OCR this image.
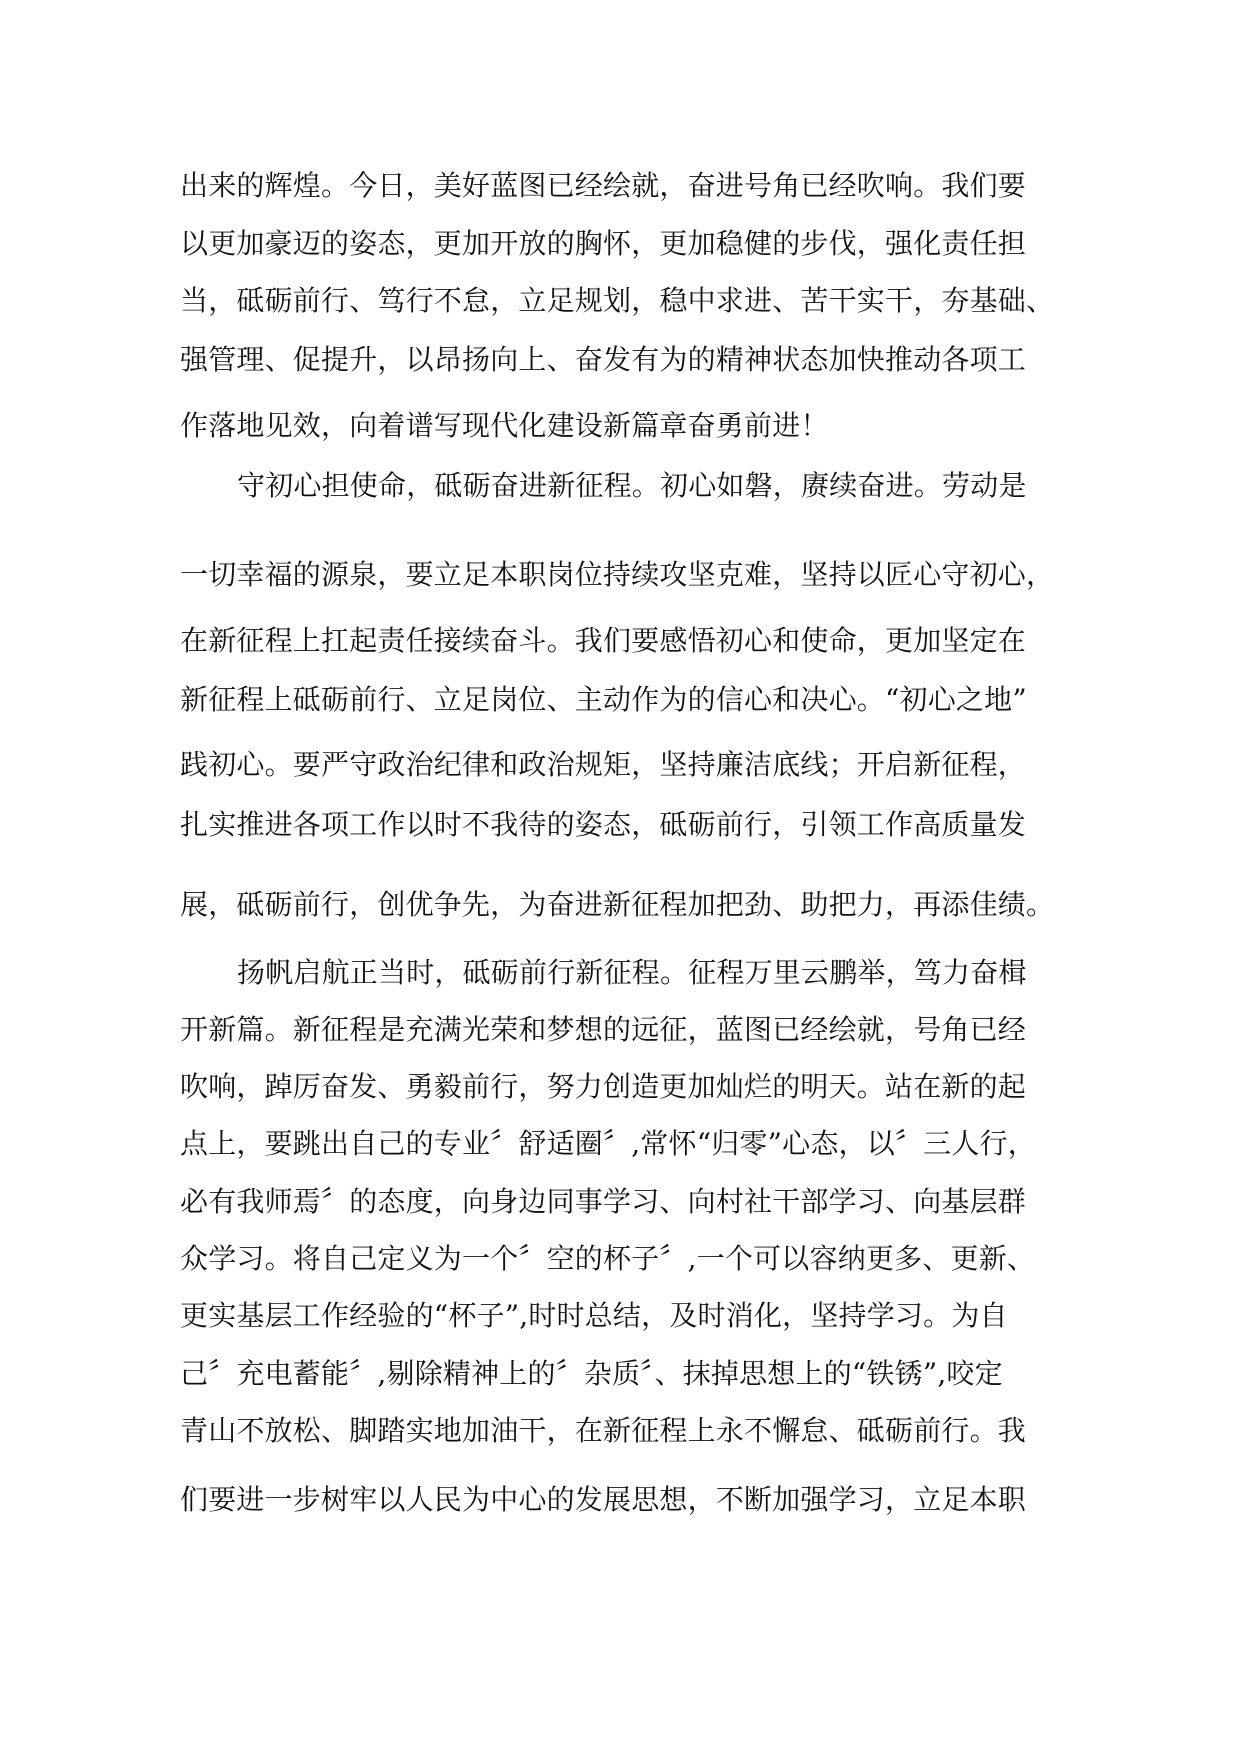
出来的辉煌。今日，美好蓝图已经绘就，奋进号角已经吹响。我们要
以更加豪迈的姿态，更加开放的胸怀，更加稳健的步伐，强化责任担
当，砥砺前行、笃行不怠，立足规划，稳中求进、苦干实干，夯基础、
强管理、促提升，以昂扬向上、奋发有为的精神状态加快推动各项工
作落地见效，向着谱写现代化建设新篇章奋勇前进！
守初心担使命，砥砺奋进新征程。初心如磐，赓续奋进。劳动是
一切幸福的源泉，要立足本职岗位持续攻坚克难，坚持以匠心守初心，
在新征程上扛起责任接续奋斗。我们要感悟初心和使命，更加坚定在
新征程上砥砺前行、立足岗位、主动作为的信心和决心。“初心之地”
践初心。要严守政治纪律和政治规矩，坚持廉洁底线；开启新征程，
扎实推进各项工作以时不我待的姿态，砥砺前行，引领工作高质量发
展，砥砺前行，创优争先，为奋进新征程加把劲、助把力，再添佳绩。
扬帆启航正当时，砥砺前行新征程。征程万里云鹏举，笃力奋楫
开新篇。新征程是充满光荣和梦想的远征，蓝图已经绘就，号角已经
吹响，踔厉奋发、勇毅前行，努力创造更加灿烂的明天。站在新的起
点上，要跳出自己的专业〞舒适圈〞,常怀“归零”心态，以〞三人行，
必有我师焉〞的态度，向身边同事学习、向村社干部学习、向基层群
众学习。将自己定义为一个〞空的杯子〞,一个可以容纳更多、更新、
更实基层工作经验的“杯子”,时时总结，及时消化，坚持学习。为自
己〞充电蓄能〞,剔除精神上的〞杂质〞、抹掉思想上的“铁锈”,咬定
青山不放松、脚踏实地加油干，在新征程上永不懈怠、砥砺前行。我
们要进一步树牢以人民为中心的发展思想，不断加强学习，立足本职
